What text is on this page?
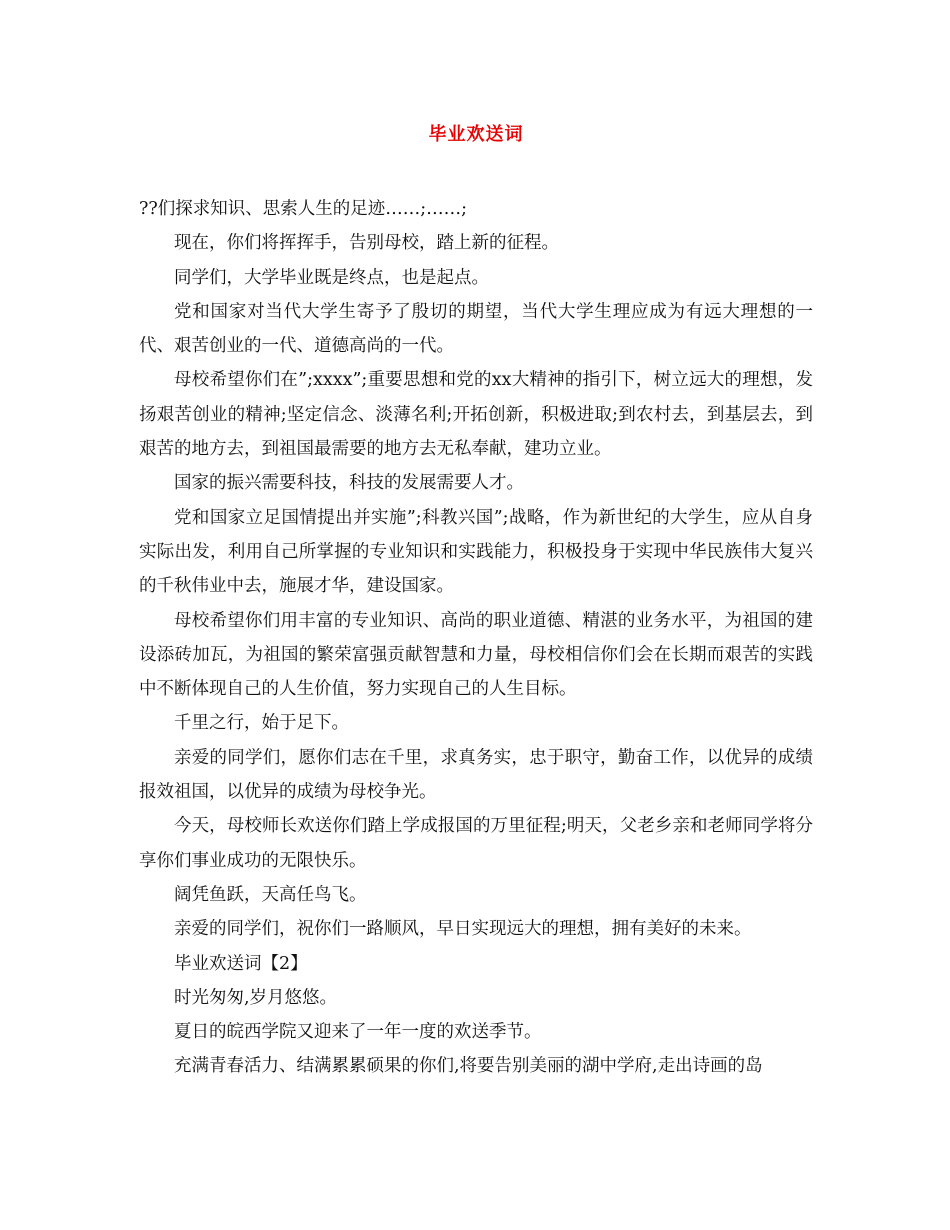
毕业欢送词

??们探求知识、思索人生的足迹……;……;

现在，你们将挥挥手，告别母校，踏上新的征程。

同学们，大学毕业既是终点，也是起点。

党和国家对当代大学生寄予了殷切的期望，当代大学生理应成为有远大理想的一代、艰苦创业的一代、道德高尚的一代。

母校希望你们在”;xxxx”;重要思想和党的xx大精神的指引下，树立远大的理想，发扬艰苦创业的精神;坚定信念、淡薄名利;开拓创新，积极进取;到农村去，到基层去，到艰苦的地方去，到祖国最需要的地方去无私奉献，建功立业。

国家的振兴需要科技，科技的发展需要人才。

党和国家立足国情提出并实施”;科教兴国”;战略，作为新世纪的大学生，应从自身实际出发，利用自己所掌握的专业知识和实践能力，积极投身于实现中华民族伟大复兴的千秋伟业中去，施展才华，建设国家。

母校希望你们用丰富的专业知识、高尚的职业道德、精湛的业务水平，为祖国的建设添砖加瓦，为祖国的繁荣富强贡献智慧和力量，母校相信你们会在长期而艰苦的实践中不断体现自己的人生价值，努力实现自己的人生目标。

千里之行，始于足下。

亲爱的同学们，愿你们志在千里，求真务实，忠于职守，勤奋工作，以优异的成绩报效祖国，以优异的成绩为母校争光。

今天，母校师长欢送你们踏上学成报国的万里征程;明天，父老乡亲和老师同学将分享你们事业成功的无限快乐。

阔凭鱼跃，天高任鸟飞。

亲爱的同学们，祝你们一路顺风，早日实现远大的理想，拥有美好的未来。

毕业欢送词【2】

时光匆匆,岁月悠悠。

夏日的皖西学院又迎来了一年一度的欢送季节。

充满青春活力、结满累累硕果的你们,将要告别美丽的湖中学府,走出诗画的岛
